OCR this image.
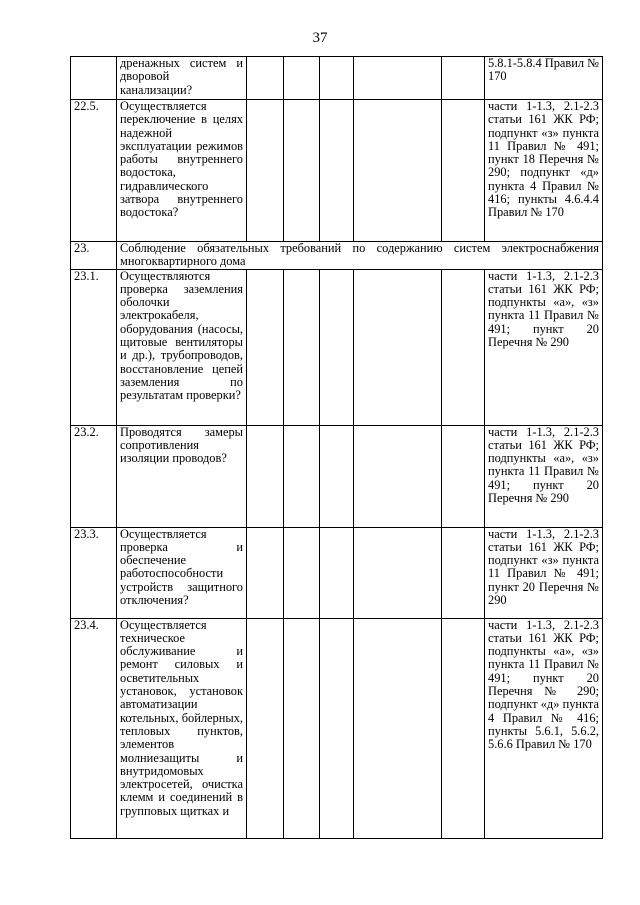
37
	дренажных систем и дворовой канализации?						5.8.1-5.8.4 Правил № 170
22.5.	Осуществляется переключение в целях надежной эксплуатации режимов работы внутреннего водостока, гидравлического затвора внутреннего водостока?						части 1-1.3, 2.1-2.3 статьи 161 ЖК РФ; подпункт «з» пункта 11 Правил № 491; пункт 18 Перечня № 290; подпункт «д» пункта 4 Правил № 416; пункты 4.6.4.4 Правил № 170
23.	Соблюдение обязательных требований по содержанию систем электроснабжения многоквартирного дома						
23.1.	Осуществляются проверка заземления оболочки электрокабеля, оборудования (насосы, щитовые вентиляторы и др.), трубопроводов, восстановление цепей заземления по результатам проверки?						части 1-1.3, 2.1-2.3 статьи 161 ЖК РФ; подпункты «а», «з» пункта 11 Правил № 491; пункт 20 Перечня № 290
23.2.	Проводятся замеры сопротивления изоляции проводов?						части 1-1.3, 2.1-2.3 статьи 161 ЖК РФ; подпункты «а», «з» пункта 11 Правил № 491; пункт 20 Перечня № 290
23.3.	Осуществляется проверка и обеспечение работоспособности устройств защитного отключения?						части 1-1.3, 2.1-2.3 статьи 161 ЖК РФ; подпункт «з» пункта 11 Правил № 491; пункт 20 Перечня № 290
23.4.	Осуществляется техническое обслуживание и ремонт силовых и осветительных установок, установок автоматизации котельных, бойлерных, тепловых пунктов, элементов молниезащиты и внутридомовых электросетей, очистка клемм и соединений в групповых щитках и						части 1-1.3, 2.1-2.3 статьи 161 ЖК РФ; подпункты «а», «з» пункта 11 Правил № 491; пункт 20 Перечня № 290; подпункт «д» пункта 4 Правил № 416; пункты 5.6.1, 5.6.2, 5.6.6 Правил № 170
